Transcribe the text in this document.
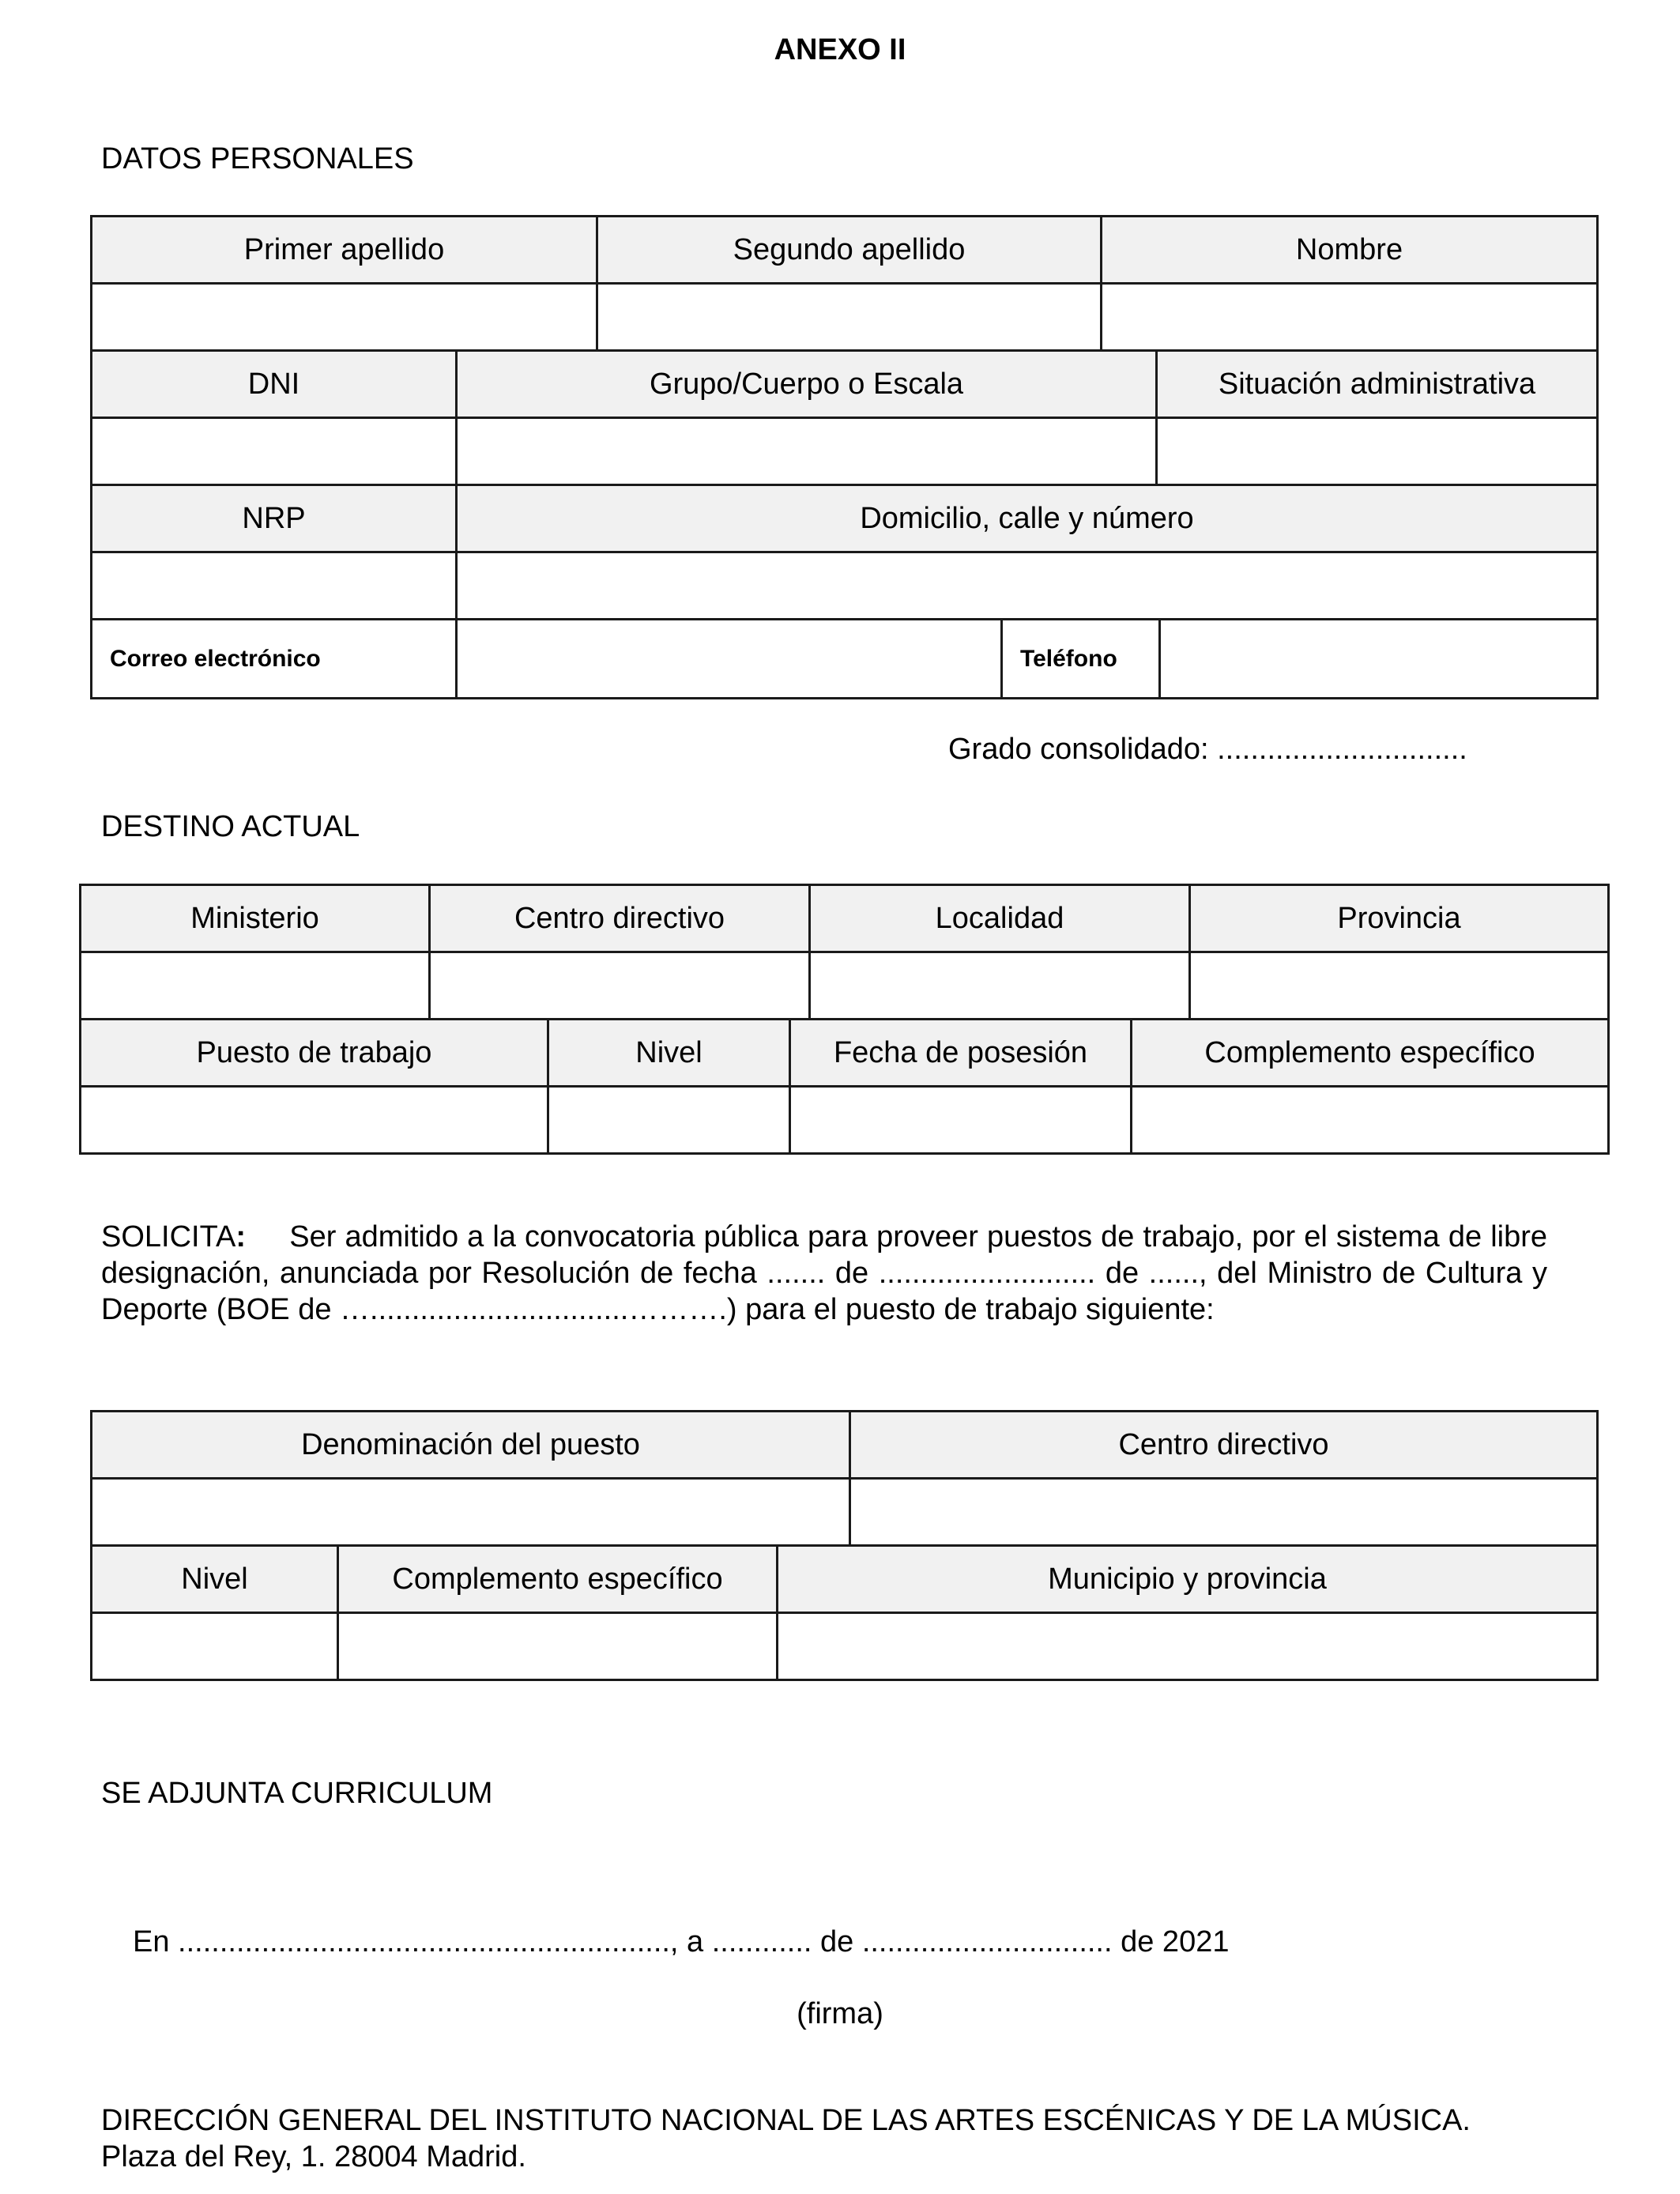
ANEXO II
DATOS PERSONALES
Primer apellido	Segundo apellido	Nombre

DNI	Grupo/Cuerpo o Escala	Situación administrativa

NRP	Domicilio, calle y número

Correo electrónico		Teléfono	
Grado consolidado: ..............................
DESTINO ACTUAL
Ministerio	Centro directivo	Localidad	Provincia

Puesto de trabajo	Nivel	Fecha de posesión	Complemento específico

SOLICITA: Ser admitido a la convocatoria pública para proveer puestos de trabajo, por el sistema de libre designación, anunciada por Resolución de fecha ....... de .......................... de ......, del Ministro de Cultura y Deporte (BOE de …...............................……….) para el puesto de trabajo siguiente:
Denominación del puesto	Centro directivo

Nivel	Complemento específico	Municipio y provincia

SE ADJUNTA CURRICULUM
En ..........................................................., a ............ de .............................. de 2021
(firma)
DIRECCIÓN GENERAL DEL INSTITUTO NACIONAL DE LAS ARTES ESCÉNICAS Y DE LA MÚSICA.
Plaza del Rey, 1. 28004 Madrid.
